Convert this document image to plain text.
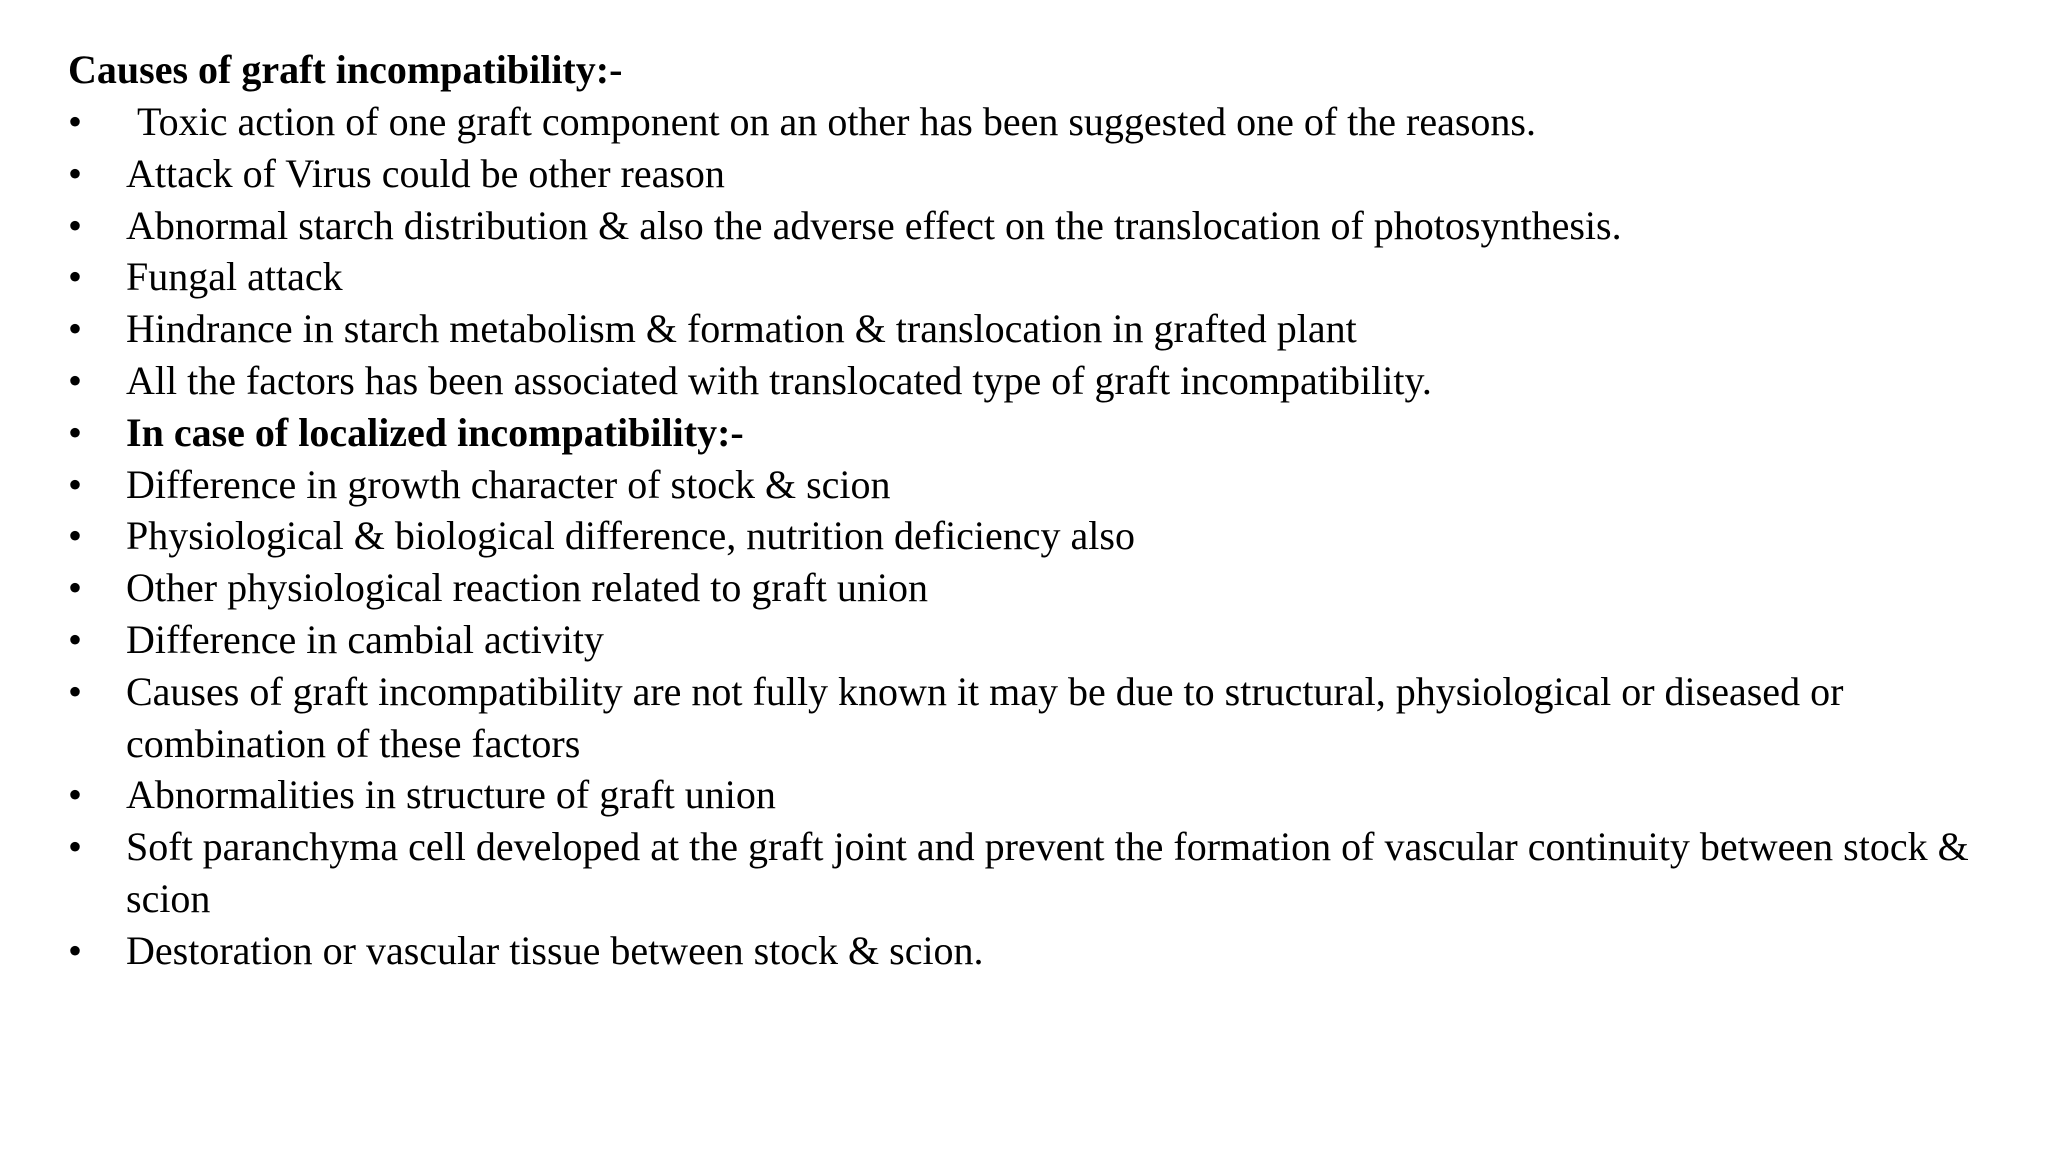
Causes of graft incompatibility:-
•	Toxic action of one graft component on an other has been suggested one of the reasons.
•	Attack of Virus could be other reason
•	Abnormal starch distribution & also the adverse effect on the translocation of photosynthesis.
•	Fungal attack
•	Hindrance in starch metabolism & formation & translocation in grafted plant
•	All the factors has been associated with translocated type of graft incompatibility.
•	In case of localized incompatibility:-
•	Difference in growth character of stock & scion
•	Physiological & biological difference, nutrition deficiency also
•	Other physiological reaction related to graft union
•	Difference in cambial activity
•	Causes of graft incompatibility are not fully known it may be due to structural, physiological or diseased or combination of these factors
•	Abnormalities in structure of graft union
•	Soft paranchyma cell developed at the graft joint and prevent the formation of vascular continuity between stock & scion
•	Destoration or vascular tissue between stock & scion.
